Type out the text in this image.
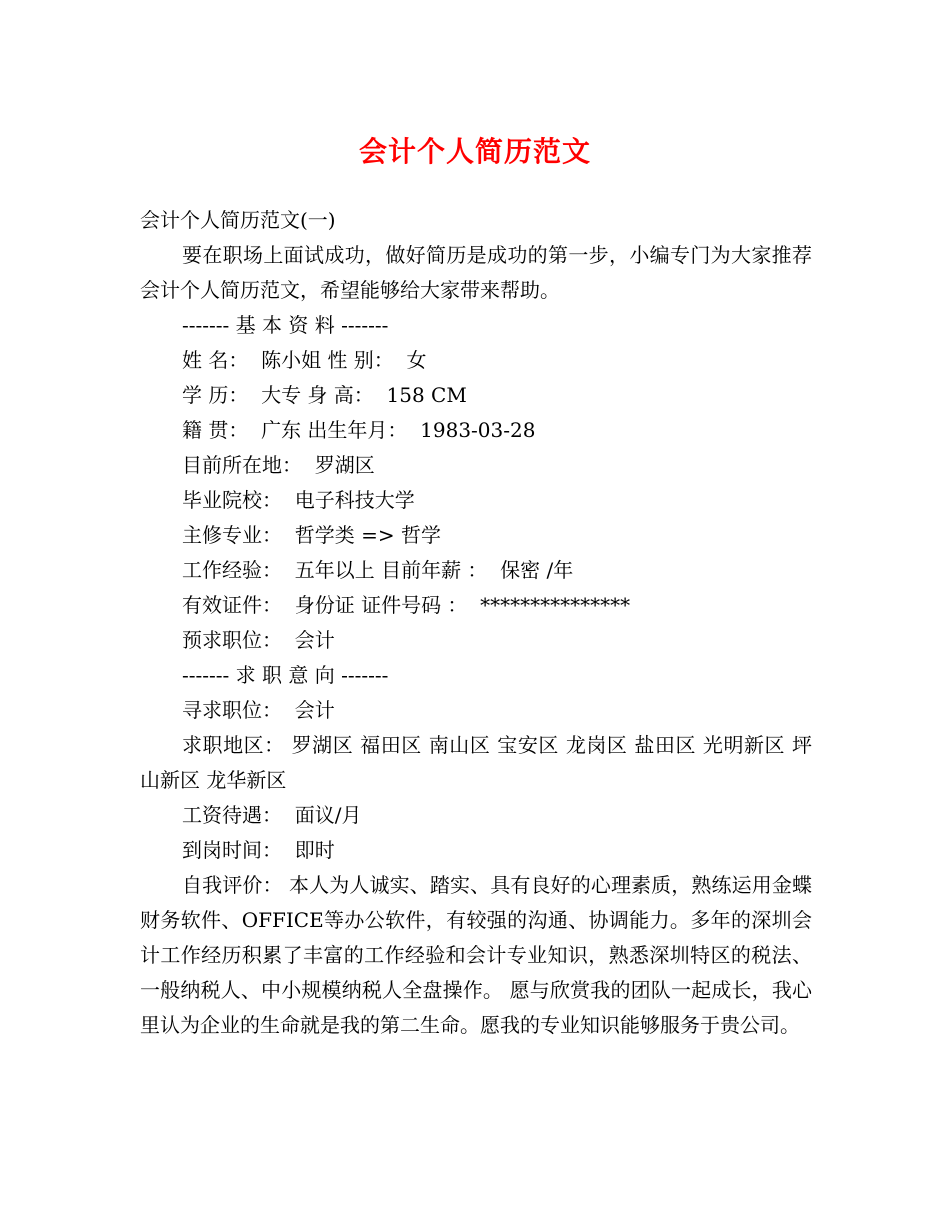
会计个人简历范文
会计个人简历范文(一)
要在职场上面试成功，做好简历是成功的第一步，小编专门为大家推荐会计个人简历范文，希望能够给大家带来帮助。
------- 基 本 资 料 -------
姓 名：  陈小姐 性 别：  女
学 历：  大专 身 高：  158 CM
籍 贯：  广东 出生年月：  1983-03-28
目前所在地：  罗湖区
毕业院校：  电子科技大学
主修专业：  哲学类 => 哲学
工作经验：  五年以上 目前年薪 ：  保密 /年
有效证件：  身份证 证件号码 ：  ***************
预求职位：  会计
------- 求 职 意 向 -------
寻求职位：  会计
求职地区： 罗湖区 福田区 南山区 宝安区 龙岗区 盐田区 光明新区 坪山新区 龙华新区
工资待遇：  面议/月
到岗时间：  即时
自我评价： 本人为人诚实、踏实、具有良好的心理素质，熟练运用金蝶财务软件、OFFICE等办公软件，有较强的沟通、协调能力。多年的深圳会计工作经历积累了丰富的工作经验和会计专业知识，熟悉深圳特区的税法、一般纳税人、中小规模纳税人全盘操作。 愿与欣赏我的团队一起成长，我心里认为企业的生命就是我的第二生命。愿我的专业知识能够服务于贵公司。
